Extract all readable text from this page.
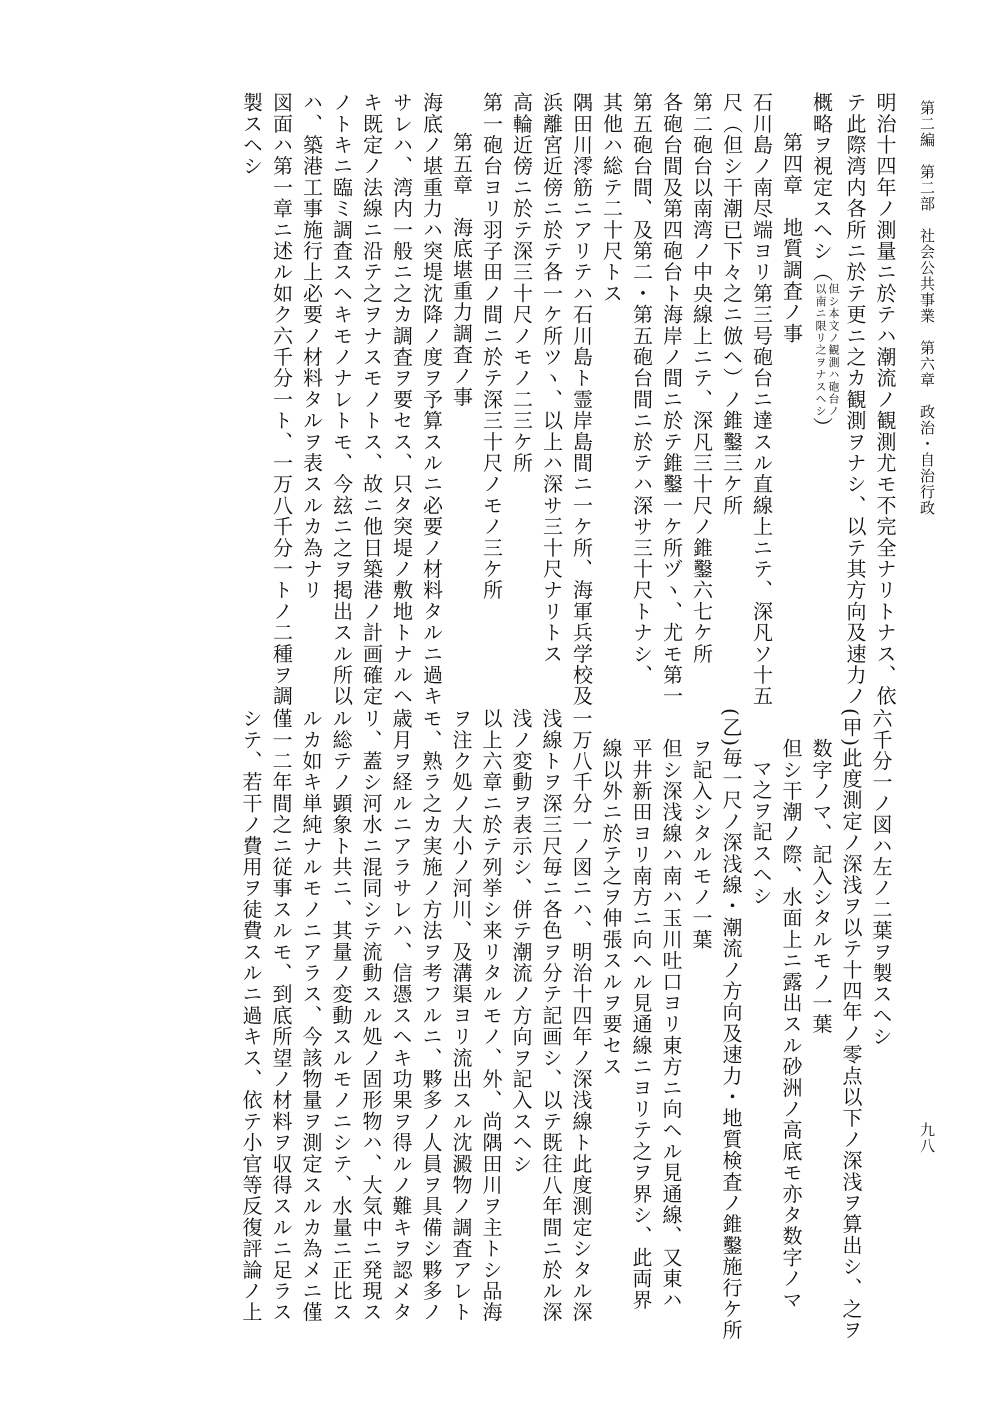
第二編　第二部　社会公共事業　第六章　政治・自治行政
九八
明治十四年ノ測量ニ於テハ潮流ノ観測尤モ不完全ナリトナス、依
テ此際湾内各所ニ於テ更ニ之カ観測ヲナシ、以テ其方向及速力ノ
概略ヲ視定スヘシ（
但シ本文ノ観測ハ砲台ノ
以南ニ限リ之ヲナスヘシ
）
第四章　地質調査ノ事
石川島ノ南尽端ヨリ第三号砲台ニ達スル直線上ニテ、深凡ソ十五
尺（但シ干潮已下々之ニ倣ヘ）ノ錐鑿三ケ所
第二砲台以南湾ノ中央線上ニテ、深凡三十尺ノ錐鑿六七ケ所
各砲台間及第四砲台ト海岸ノ間ニ於テ錐鑿一ケ所ヅヽ、尤モ第一
第五砲台間、及第二・第五砲台間ニ於テハ深サ三十尺トナシ、
其他ハ総テ二十尺トス
隅田川澪筋ニアリテハ石川島ト霊岸島間ニ一ケ所、海軍兵学校及
浜離宮近傍ニ於テ各一ケ所ツヽ、以上ハ深サ三十尺ナリトス
高輪近傍ニ於テ深三十尺ノモノ二三ケ所
第一砲台ヨリ羽子田ノ間ニ於テ深三十尺ノモノ三ケ所
第五章　海底堪重力調査ノ事
海底ノ堪重力ハ突堤沈降ノ度ヲ予算スルニ必要ノ材料タルニ過キ
サレハ、湾内一般ニ之カ調査ヲ要セス、只タ突堤ノ敷地トナルヘ
キ既定ノ法線ニ沿テ之ヲナスモノトス、故ニ他日築港ノ計画確定
ノトキニ臨ミ調査スヘキモノナレトモ、今玆ニ之ヲ掲出スル所以
ハ、築港工事施行上必要ノ材料タルヲ表スルカ為ナリ
図面ハ第一章ニ述ル如ク六千分一ト、一万八千分一トノ二種ヲ調
製スヘシ
六千分一ノ図ハ左ノ二葉ヲ製スヘシ
(甲)此度測定ノ深浅ヲ以テ十四年ノ零点以下ノ深浅ヲ算出シ、之ヲ
数字ノマ、記入シタルモノ一葉
但シ干潮ノ際、水面上ニ露出スル砂洲ノ高底モ亦タ数字ノマ
マ之ヲ記スヘシ
(乙)毎一尺ノ深浅線・潮流ノ方向及速力・地質検査ノ錐鑿施行ケ所
ヲ記入シタルモノ一葉
但シ深浅線ハ南ハ玉川吐口ヨリ東方ニ向ヘル見通線、又東ハ
平井新田ヨリ南方ニ向ヘル見通線ニヨリテ之ヲ界シ、此両界
線以外ニ於テ之ヲ伸張スルヲ要セス
一万八千分一ノ図ニハ、明治十四年ノ深浅線ト此度測定シタル深
浅線トヲ深三尺毎ニ各色ヲ分テ記画シ、以テ既往八年間ニ於ル深
浅ノ変動ヲ表示シ、併テ潮流ノ方向ヲ記入スヘシ
以上六章ニ於テ列挙シ来リタルモノ、外、尚隅田川ヲ主トシ品海
ヲ注ク処ノ大小ノ河川、及溝渠ヨリ流出スル沈澱物ノ調査アレト
モ、熟ラ之カ実施ノ方法ヲ考フルニ、夥多ノ人員ヲ具備シ夥多ノ
歳月ヲ経ルニアラサレハ、信憑スヘキ功果ヲ得ルノ難キヲ認メタ
リ、蓋シ河水ニ混同シテ流動スル処ノ固形物ハ、大気中ニ発現ス
ル総テノ顕象ト共ニ、其量ノ変動スルモノニシテ、水量ニ正比ス
ルカ如キ単純ナルモノニアラス、今該物量ヲ測定スルカ為メニ僅
僅一二年間之ニ従事スルモ、到底所望ノ材料ヲ収得スルニ足ラス
シテ、若干ノ費用ヲ徒費スルニ過キス、依テ小官等反復評論ノ上
